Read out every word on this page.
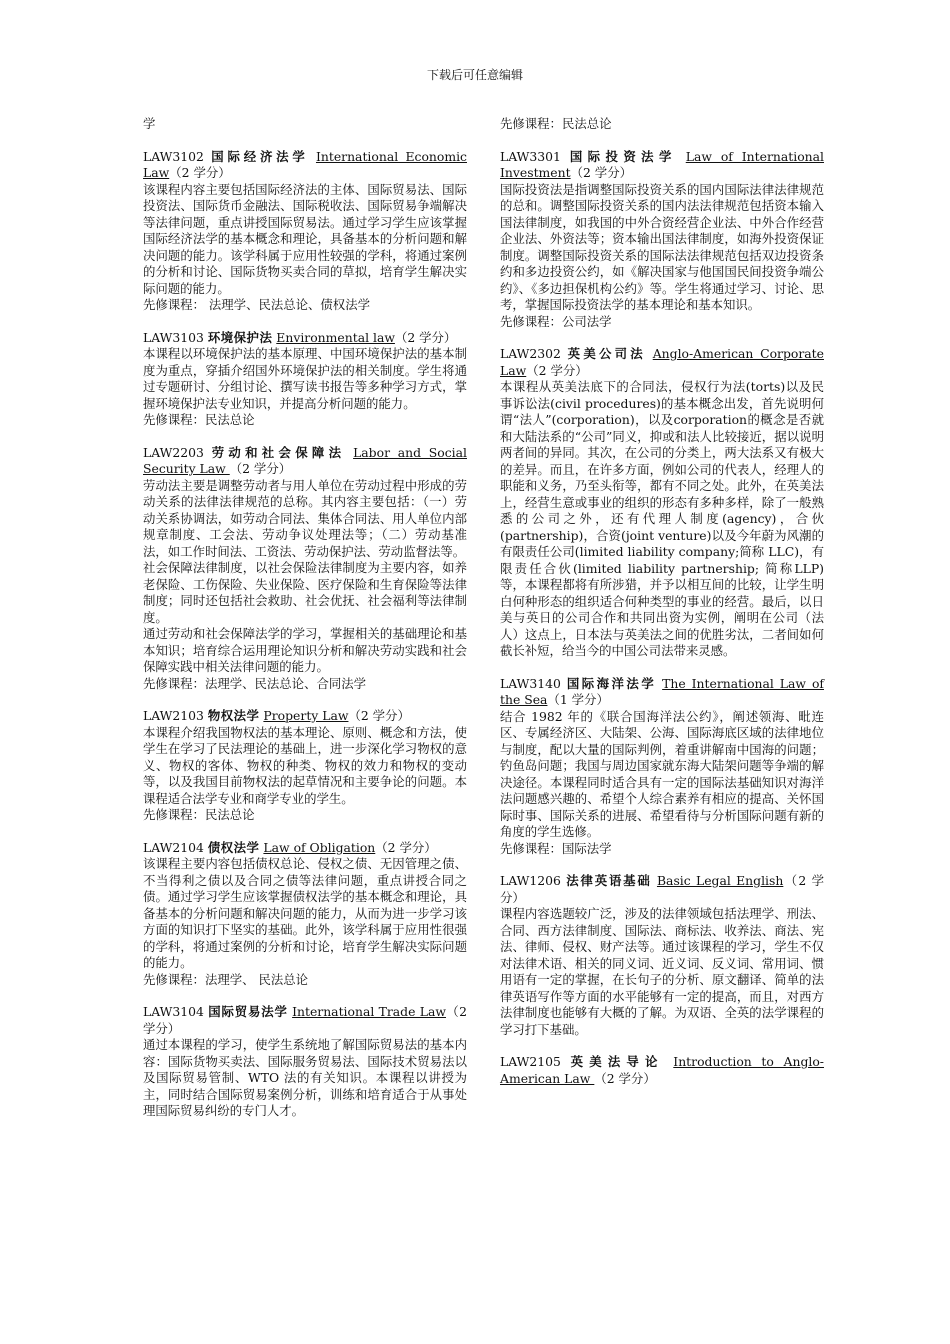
下载后可任意编辑

学

LAW3102 国际经济法学 International Economic Law（2 学分）

该课程内容主要包括国际经济法的主体、国际贸易法、国际投资法、国际货币金融法、国际税收法、国际贸易争端解决等法律问题，重点讲授国际贸易法。通过学习学生应该掌握国际经济法学的基本概念和理论，具备基本的分析问题和解决问题的能力。该学科属于应用性较强的学科，将通过案例的分析和讨论、国际货物买卖合同的草拟，培育学生解决实际问题的能力。

先修课程： 法理学、民法总论、债权法学

LAW3103 环境保护法 Environmental law（2 学分）

本课程以环境保护法的基本原理、中国环境保护法的基本制度为重点，穿插介绍国外环境保护法的相关制度。学生将通过专题研讨、分组讨论、撰写读书报告等多种学习方式，掌握环境保护法专业知识，并提高分析问题的能力。

先修课程：民法总论

LAW2203 劳动和社会保障法 Labor and Social Security Law （2 学分）

劳动法主要是调整劳动者与用人单位在劳动过程中形成的劳动关系的法律法律规范的总称。其内容主要包括：（一）劳动关系协调法，如劳动合同法、集体合同法、用人单位内部规章制度、工会法、劳动争议处理法等；（二）劳动基准法，如工作时间法、工资法、劳动保护法、劳动监督法等。

社会保障法律制度，以社会保险法律制度为主要内容，如养老保险、工伤保险、失业保险、医疗保险和生育保险等法律制度；同时还包括社会救助、社会优抚、社会福利等法律制度。

通过劳动和社会保障法学的学习，掌握相关的基础理论和基本知识；培育综合运用理论知识分析和解决劳动实践和社会保障实践中相关法律问题的能力。

先修课程：法理学、民法总论、合同法学

LAW2103 物权法学 Property Law（2 学分）

本课程介绍我国物权法的基本理论、原则、概念和方法，使学生在学习了民法理论的基础上，进一步深化学习物权的意义、物权的客体、物权的种类、物权的效力和物权的变动等，以及我国目前物权法的起草情况和主要争论的问题。本课程适合法学专业和商学专业的学生。

先修课程：民法总论

LAW2104 债权法学 Law of Obligation（2 学分）

该课程主要内容包括债权总论、侵权之债、无因管理之债、不当得利之债以及合同之债等法律问题，重点讲授合同之债。通过学习学生应该掌握债权法学的基本概念和理论，具备基本的分析问题和解决问题的能力，从而为进一步学习该方面的知识打下坚实的基础。此外，该学科属于应用性很强的学科，将通过案例的分析和讨论，培育学生解决实际问题的能力。

先修课程：法理学、 民法总论

LAW3104 国际贸易法学 International Trade Law（2 学分）

通过本课程的学习，使学生系统地了解国际贸易法的基本内容：国际货物买卖法、国际服务贸易法、国际技术贸易法以及国际贸易管制、WTO 法的有关知识。本课程以讲授为主，同时结合国际贸易案例分析，训练和培育适合于从事处理国际贸易纠纷的专门人才。

先修课程：民法总论

LAW3301 国际投资法学 Law of International Investment（2 学分）

国际投资法是指调整国际投资关系的国内国际法律法律规范的总和。调整国际投资关系的国内法法律规范包括资本输入国法律制度，如我国的中外合资经营企业法、中外合作经营企业法、外资法等；资本输出国法律制度，如海外投资保证制度。调整国际投资关系的国际法法律规范包括双边投资条约和多边投资公约，如《解决国家与他国国民间投资争端公约》、《多边担保机构公约》等。学生将通过学习、讨论、思考，掌握国际投资法学的基本理论和基本知识。

先修课程：公司法学

LAW2302 英美公司法 Anglo-American Corporate Law（2 学分）

本课程从英美法底下的合同法，侵权行为法(torts)以及民事诉讼法(civil procedures)的基本概念出发，首先说明何谓“法人”(corporation)，以及corporation的概念是否就和大陆法系的“公司”同义，抑或和法人比较接近，据以说明两者间的异同。其次，在公司的分类上，两大法系又有极大的差异。而且，在许多方面，例如公司的代表人，经理人的职能和义务，乃至头衔等，都有不同之处。此外，在英美法上，经营生意或事业的组织的形态有多种多样，除了一般熟悉的公司之外，还有代理人制度(agency)，合伙(partnership)，合资(joint venture)以及今年蔚为风潮的有限责任公司(limited liability company;简称 LLC)，有限责任合伙(limited liability partnership; 简称LLP)等，本课程都将有所涉猎，并予以相互间的比较，让学生明白何种形态的组织适合何种类型的事业的经营。最后，以日美与英日的公司合作和共同出资为实例，阐明在公司（法人）这点上，日本法与英美法之间的优胜劣汰，二者间如何截长补短，给当今的中国公司法带来灵感。

LAW3140 国际海洋法学 The International Law of the Sea（1 学分）

结合 1982 年的《联合国海洋法公约》，阐述领海、毗连区、专属经济区、大陆架、公海、国际海底区域的法律地位与制度，配以大量的国际判例，着重讲解南中国海的问题；钓鱼岛问题；我国与周边国家就东海大陆架问题等争端的解决途径。本课程同时适合具有一定的国际法基础知识对海洋法问题感兴趣的、希望个人综合素养有相应的提高、关怀国际时事、国际关系的进展、希望看待与分析国际问题有新的角度的学生选修。

先修课程：国际法学

LAW1206 法律英语基础 Basic Legal English（2 学分）

课程内容选题较广泛，涉及的法律领域包括法理学、刑法、合同、西方法律制度、国际法、商标法、收养法、商法、宪法、律师、侵权、财产法等。通过该课程的学习，学生不仅对法律术语、相关的同义词、近义词、反义词、常用词、惯用语有一定的掌握，在长句子的分析、原文翻译、简单的法律英语写作等方面的水平能够有一定的提高，而且，对西方法律制度也能够有大概的了解。为双语、全英的法学课程的学习打下基础。

LAW2105 英美法导论 Introduction to Anglo-American Law （2 学分）
